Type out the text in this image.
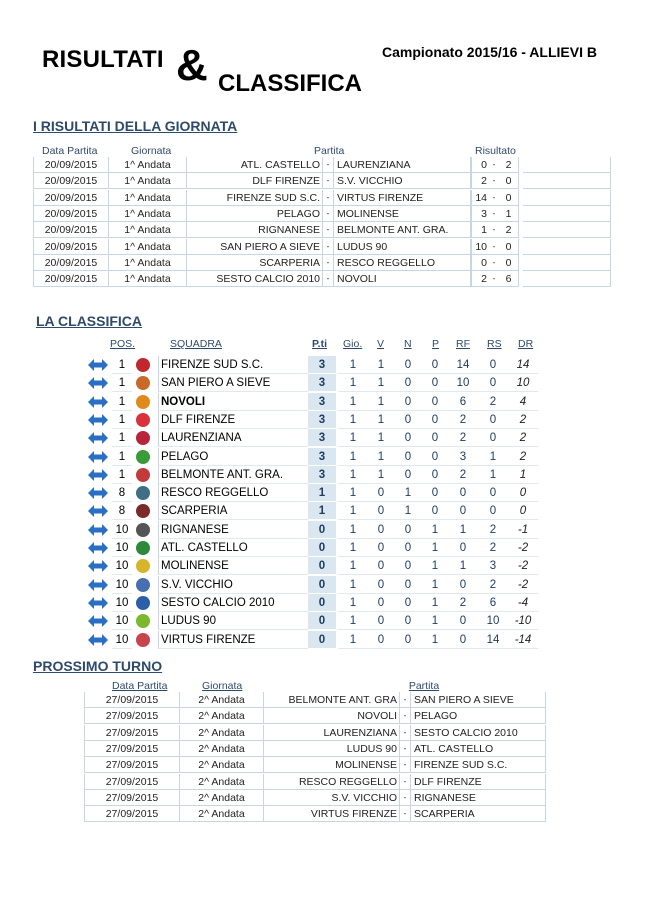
RISULTATI & CLASSIFICA
Campionato 2015/16 - ALLIEVI B
I RISULTATI DELLA GIORNATA
Data Partita	Giornata	Partita	Risultato
20/09/2015	1^ Andata	ATL. CASTELLO - LAURENZIANA	0 - 2
20/09/2015	1^ Andata	DLF FIRENZE - S.V. VICCHIO	2 - 0
20/09/2015	1^ Andata	FIRENZE SUD S.C. - VIRTUS FIRENZE	14 - 0
20/09/2015	1^ Andata	PELAGO - MOLINENSE	3 - 1
20/09/2015	1^ Andata	RIGNANESE - BELMONTE ANT. GRA.	1 - 2
20/09/2015	1^ Andata	SAN PIERO A SIEVE - LUDUS 90	10 - 0
20/09/2015	1^ Andata	SCARPERIA - RESCO REGGELLO	0 - 0
20/09/2015	1^ Andata	SESTO CALCIO 2010 - NOVOLI	2 - 6
LA CLASSIFICA
POS.	SQUADRA	P.ti Gio. V N P RF RS DR
1	FIRENZE SUD S.C.	3	1	1	0	0	14	0	14
1	SAN PIERO A SIEVE	3	1	1	0	0	10	0	10
1	NOVOLI	3	1	1	0	0	6	2	4
1	DLF FIRENZE	3	1	1	0	0	2	0	2
1	LAURENZIANA	3	1	1	0	0	2	0	2
1	PELAGO	3	1	1	0	0	3	1	2
1	BELMONTE ANT. GRA.	3	1	1	0	0	2	1	1
8	RESCO REGGELLO	1	1	0	1	0	0	0	0
8	SCARPERIA	1	1	0	1	0	0	0	0
10	RIGNANESE	0	1	0	0	1	1	2	-1
10	ATL. CASTELLO	0	1	0	0	1	0	2	-2
10	MOLINENSE	0	1	0	0	1	1	3	-2
10	S.V. VICCHIO	0	1	0	0	1	0	2	-2
10	SESTO CALCIO 2010	0	1	0	0	1	2	6	-4
10	LUDUS 90	0	1	0	0	1	0	10	-10
10	VIRTUS FIRENZE	0	1	0	0	1	0	14	-14
PROSSIMO TURNO
Data Partita	Giornata	Partita
27/09/2015	2^ Andata	BELMONTE ANT. GRA - SAN PIERO A SIEVE
27/09/2015	2^ Andata	NOVOLI - PELAGO
27/09/2015	2^ Andata	LAURENZIANA - SESTO CALCIO 2010
27/09/2015	2^ Andata	LUDUS 90 - ATL. CASTELLO
27/09/2015	2^ Andata	MOLINENSE - FIRENZE SUD S.C.
27/09/2015	2^ Andata	RESCO REGGELLO - DLF FIRENZE
27/09/2015	2^ Andata	S.V. VICCHIO - RIGNANESE
27/09/2015	2^ Andata	VIRTUS FIRENZE - SCARPERIA
